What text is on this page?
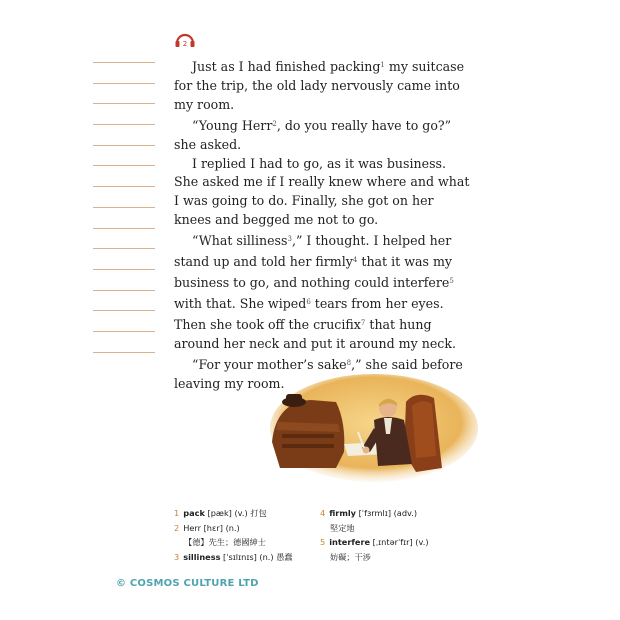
2

Just as I had finished packing$^1$ my suitcase for the trip, the old lady nervously came into my room.

“Young Herr$^2$, do you really have to go?” she asked.

I replied I had to go, as it was business. She asked me if I really knew where and what I was going to do. Finally, she got on her knees and begged me not to go.

“What silliness$^3$,” I thought. I helped her stand up and told her firmly$^4$ that it was my business to go, and nothing could interfere$^5$ with that. She wiped$^6$ tears from her eyes. Then she took off the crucifix$^7$ that hung around her neck and put it around my neck.

“For your mother’s sake$^8$,” she said before leaving my room.

1 pack [pæk] (v.) 打包
2 Herr [hɛr] (n.)
【德】先生；德國紳士
3 silliness [ˈsɪlɪnɪs] (n.) 愚蠢
4 firmly [ˈfɜrmlɪ] (adv.)
堅定地
5 interfere [ˌɪntərˈfɪr] (v.)
妨礙；干涉
© COSMOS CULTURE LTD
